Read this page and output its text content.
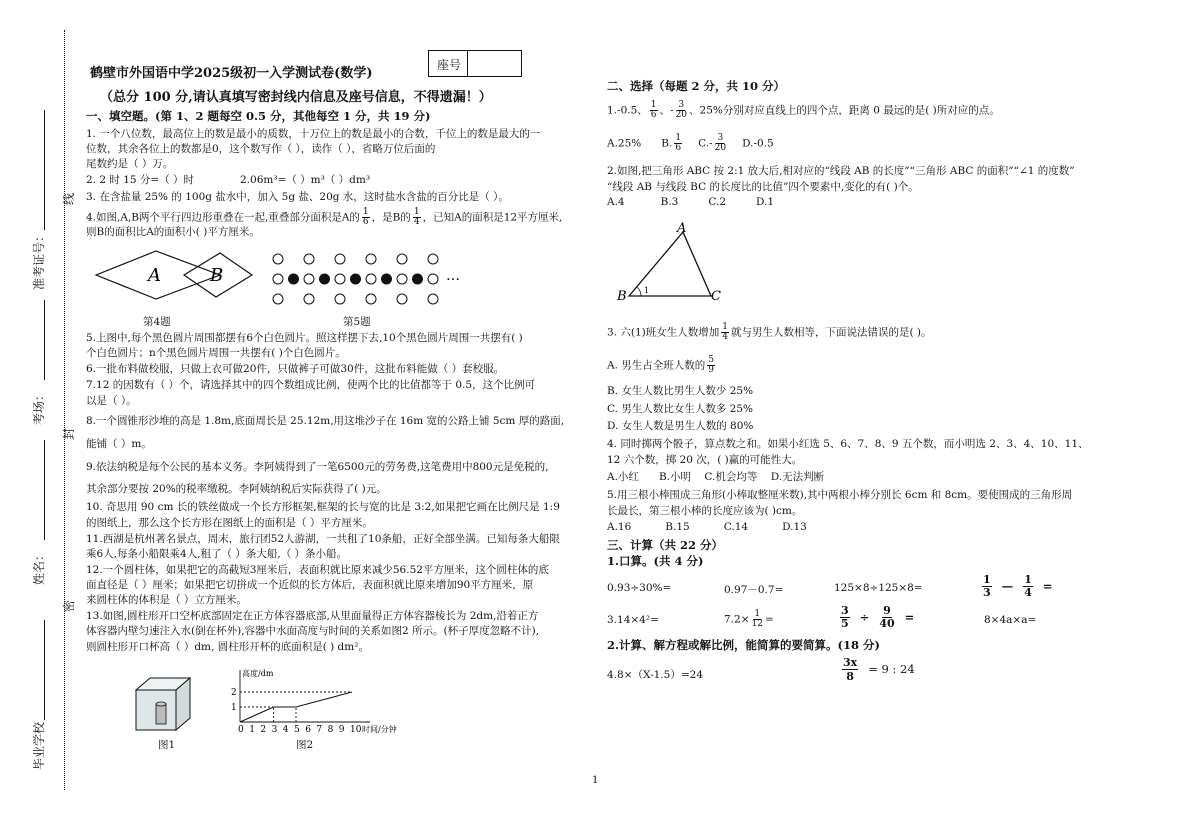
密
封
线
毕业学校
姓名：
考场：
准考证号：
鹤壁市外国语中学2025级初一入学测试卷(数学)
座号
（总分 100 分,请认真填写密封线内信息及座号信息，不得遗漏！）
一、填空题。(第 1、2 题每空 0.5 分，其他每空 1 分，共 19 分)
1. 一个八位数，最高位上的数是最小的质数，十万位上的数是最小的合数，千位上的数是最大的一
位数，其余各位上的数都是0，这个数写作（ ），读作（ ），省略万位后面的
尾数约是（ ）万。
2. 2 时 15 分=（ ）时	2.06m³=（ ）m³（ ）dm³
3. 在含盐量 25% 的 100g 盐水中，加入 5g 盐、20g 水，这时盐水含盐的百分比是（ ）。
4.如图,A,B两个平行四边形重叠在一起,重叠部分面积是A的 $\frac{1}{6}$ ，是B的 $\frac{1}{4}$ ，已知A的面积是12平方厘米,
则B的面积比A的面积小( )平方厘米。
A	B	…
第4题	第5题
5.上图中,每个黑色圆片周围都摆有6个白色圆片。照这样摆下去,10个黑色圆片周围一共摆有( )
个白色圆片；n个黑色圆片周围一共摆有( )个白色圆片。
6.一批布料做校服，只做上衣可做20件，只做裤子可做30件，这批布料能做（ ）套校服。
7.12 的因数有（ ）个，请选择其中的四个数组成比例，使两个比的比值都等于 0.5，这个比例可
以是（ ）。
8.一个圆锥形沙堆的高是 1.8m,底面周长是 25.12m,用这堆沙子在 16m 宽的公路上铺 5cm 厚的路面,
能铺（ ）m。
9.依法纳税是每个公民的基本义务。李阿姨得到了一笔6500元的劳务费,这笔费用中800元是免税的,
其余部分要按 20%的税率缴税。李阿姨纳税后实际获得了( )元。
10. 奇思用 90 cm 长的铁丝做成一个长方形框架,框架的长与宽的比是 3:2,如果把它画在比例尺是 1:9
的图纸上，那么这个长方形在图纸上的面积是（ ）平方厘米。
11.西湖是杭州著名景点，周末，旅行团52人游湖，一共租了10条船，正好全部坐满。已知每条大船限
乘6人,每条小船限乘4人,租了（ ）条大船,（ ）条小船。
12.一个圆柱体，如果把它的高截短3厘米后，表面积就比原来减少56.52平方厘米，这个圆柱体的底
面直径是（ ）厘米；如果把它切拼成一个近似的长方体后，表面积就比原来增加90平方厘米，原
来圆柱体的体积是（ ）立方厘米。
13.如图,圆柱形开口空杯底部固定在正方体容器底部,从里面量得正方体容器棱长为 2dm,沿着正方
体容器内壁匀速注入水(倒在杯外),容器中水面高度与时间的关系如图2 所示。(杯子厚度忽略不计),
则圆柱形开口杯高（ ）dm, 圆柱形开杯的底面积是( ) dm²。
图1
高度/dm
时间/分钟
0 1 2 3 4 5 6 7 8 9 10
2
1
图2
二、选择（每题 2 分，共 10 分）
1.-0.5、 $\frac{1}{6}$ 、- $\frac{3}{20}$ 、25%分别对应直线上的四个点，距离 0 最远的是( )所对应的点。
A.25% B. $\frac{1}{6} C.- \frac{3}{20} D.-0.5$
2.如图,把三角形 ABC 按 2:1 放大后,相对应的“线段 AB 的长度”“三角形 ABC 的面积”“∠1 的度数”
“线段 AB 与线段 BC 的长度比的比值”四个要素中,变化的有( )个。
A.4	B.3	C.2	D.1
A
B	C
1
3. 六(1)班女生人数增加 $\frac{1}{4}$ 就与男生人数相等，下面说法错误的是( )。
A. 男生占全班人数的 $\frac{5}{9}$
B. 女生人数比男生人数少 25%
C. 男生人数比女生人数多 25%
D. 女生人数是男生人数的 80%
4. 同时掷两个骰子，算点数之和。如果小红选 5、6、7、8、9 五个数，而小明选 2、3、4、10、11、
12 六个数，掷 20 次，( )赢的可能性大。
A.小红      B.小明    C.机会均等    D.无法判断
5.用三根小棒围成三角形(小棒取整厘米数),其中两根小棒分别长 6cm 和 8cm。要使围成的三角形周
长最长，第三根小棒的长度应该为( )cm。
A.16	B.15	C.14	D.13
三、计算（共 22 分）
1.口算。(共 4 分)
0.93÷30%=	0.97－0.7=	125×8÷125×8=	$\frac{1}{3}$ — $\frac{1}{4}$ =
3.14×4²=	$7.2\times \frac{1}{12}$ =	$\frac{3}{5} \div \frac{9}{40}$ =	8×4a×a=
2.计算、解方程或解比例，能简算的要简算。(18 分)
4.8×（X-1.5）=24	$\frac{3x}{8} = 9$ : 24
1
